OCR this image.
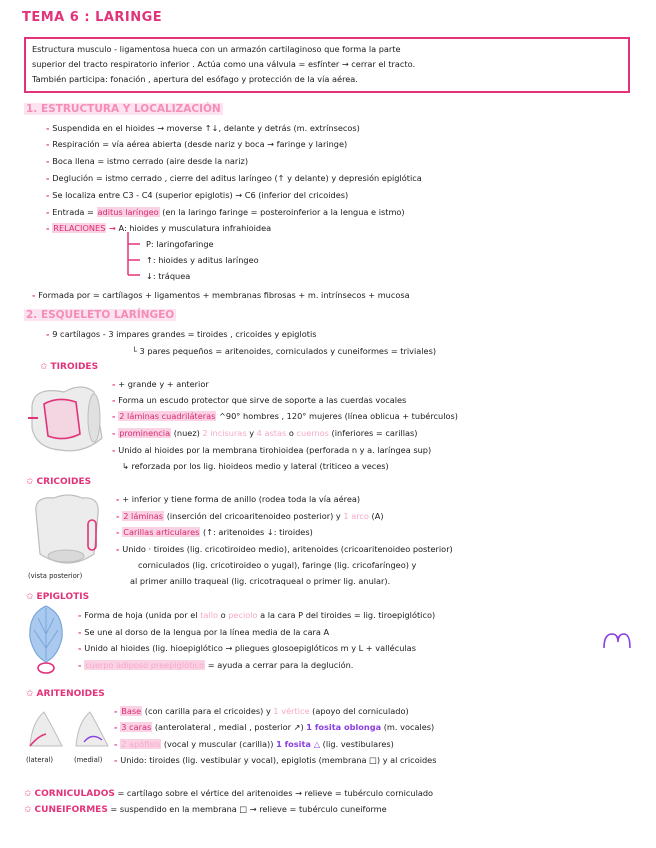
TEMA 6 : LARINGE
Estructura musculo - ligamentosa hueca con un armazón cartilaginoso que forma la parte
superior del tracto respiratorio inferior . Actúa como una válvula = esfínter → cerrar el tracto.
También participa: fonación , apertura del esófago y protección de la vía aérea.
1. ESTRUCTURA Y LOCALIZACIÓN
- Suspendida en el hioides → moverse ↑↓, delante y detrás (m. extrínsecos)
- Respiración = vía aérea abierta (desde nariz y boca → faringe y laringe)
- Boca llena = istmo cerrado (aire desde la nariz)
- Deglución = istmo cerrado , cierre del aditus laríngeo (↑ y delante) y depresión epiglótica
- Se localiza entre C3 - C4 (superior epiglotis) → C6 (inferior del cricoides)
- Entrada = aditus laríngeo (en la laringo faringe = posteroinferior a la lengua e istmo)
- RELACIONES → A: hioides y musculatura infrahioidea
P: laringofaringe
↑: hioides y aditus laríngeo
↓: tráquea
- Formada por = cartílagos + ligamentos + membranas fibrosas + m. intrínsecos + mucosa
2. ESQUELETO LARÍNGEO
- 9 cartílagos - 3 impares grandes = tiroides , cricoides y epiglotis
└ 3 pares pequeños = aritenoides, corniculados y cuneiformes = triviales)
✩ TIROIDES
- + grande y + anterior
- Forma un escudo protector que sirve de soporte a las cuerdas vocales
- 2 láminas cuadriláteras ^90° hombres , 120° mujeres (línea oblicua + tubérculos)
- prominencia (nuez) 2 incisuras y 4 astas o cuernos (inferiores = carillas)
- Unido al hioides por la membrana tirohioidea (perforada n y a. laríngea sup)
↳ reforzada por los lig. hioideos medio y lateral (triticeo a veces)
✩ CRICOIDES
(vista posterior)
- + inferior y tiene forma de anillo (rodea toda la vía aérea)
- 2 láminas (inserción del cricoaritenoideo posterior) y 1 arco (A)
- Carillas articulares (↑: aritenoides ↓: tiroides)
- Unido · tiroides (lig. cricotiroideo medio), aritenoides (cricoaritenoideo posterior)
corniculados (lig. cricotiroideo o yugal), faringe (lig. cricofaríngeo) y
al primer anillo traqueal (lig. cricotraqueal o primer lig. anular).
✩ EPIGLOTIS
- Forma de hoja (unida por el tallo o peciolo a la cara P del tiroides = lig. tiroepiglótico)
- Se une al dorso de la lengua por la línea media de la cara A
- Unido al hioides (lig. hioepiglótico → pliegues glosoepiglóticos m y L + valléculas
- cuerpo adiposo preepiglótico = ayuda a cerrar para la deglución.
✩ ARITENOIDES
(lateral)	(medial)
- Base (con carilla para el cricoides) y 1 vértice (apoyo del corniculado)
- 3 caras (anterolateral , medial , posterior ↗) 1 fosita oblonga (m. vocales)
- 2 apófisis (vocal y muscular (carilla)) 1 fosita △ (lig. vestibulares)
- Unido: tiroides (lig. vestibular y vocal), epiglotis (membrana □) y al cricoides
✩ CORNICULADOS = cartílago sobre el vértice del aritenoides → relieve = tubérculo corniculado
✩ CUNEIFORMES = suspendido en la membrana □ → relieve = tubérculo cuneiforme
